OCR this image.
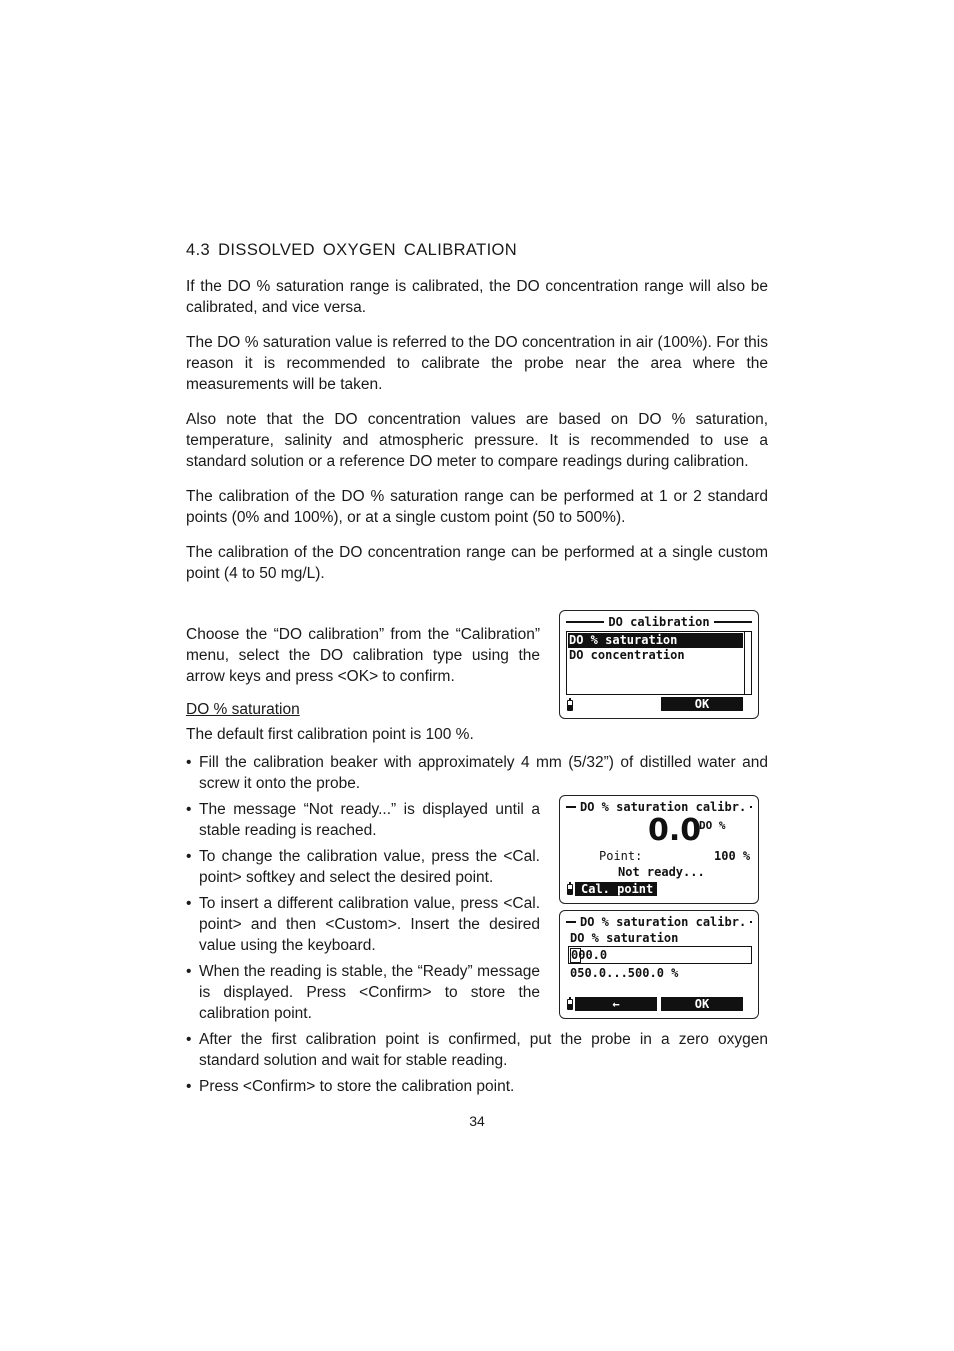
4.3 DISSOLVED OXYGEN CALIBRATION
If the DO % saturation range is calibrated, the DO concentration range will also be calibrated, and vice versa.
The DO % saturation value is referred to the DO concentration in air (100%). For this reason it is recommended to calibrate the probe near the area where the measurements will be taken.
Also note that the DO concentration values are based on DO % saturation, temperature, salinity and atmospheric pressure. It is recommended to use a standard solution or a reference DO meter to compare readings during calibration.
The calibration of the DO % saturation range can be performed at 1 or 2 standard points (0% and 100%), or at a single custom point (50 to 500%).
The calibration of the DO concentration range can be performed at a single custom point (4 to 50 mg/L).
Choose the “DO calibration” from the “Calibration” menu, select the DO calibration type using the arrow keys and press <OK> to confirm.
DO % saturation
The default first calibration point is 100 %.
• Fill the calibration beaker with approximately 4 mm (5/32”) of distilled water and screw it onto the probe.
• The message “Not ready...” is displayed until a stable reading is reached.
• To change the calibration value, press the <Cal. point> softkey and select the desired point.
• To insert a different calibration value, press <Cal. point> and then <Custom>. Insert the desired value using the keyboard.
• When the reading is stable, the “Ready” message is displayed. Press <Confirm> to store the calibration point.
• After the first calibration point is confirmed, put the probe in a zero oxygen standard solution and wait for stable reading.
• Press <Confirm> to store the calibration point.
34
DO calibration
DO % saturation
DO concentration
OK
DO % saturation calibr.
0.0
DO %
Point:	100 %
Not ready...
Cal. point
DO % saturation calibr.
DO % saturation
000.0
050.0...500.0 %
←	OK
